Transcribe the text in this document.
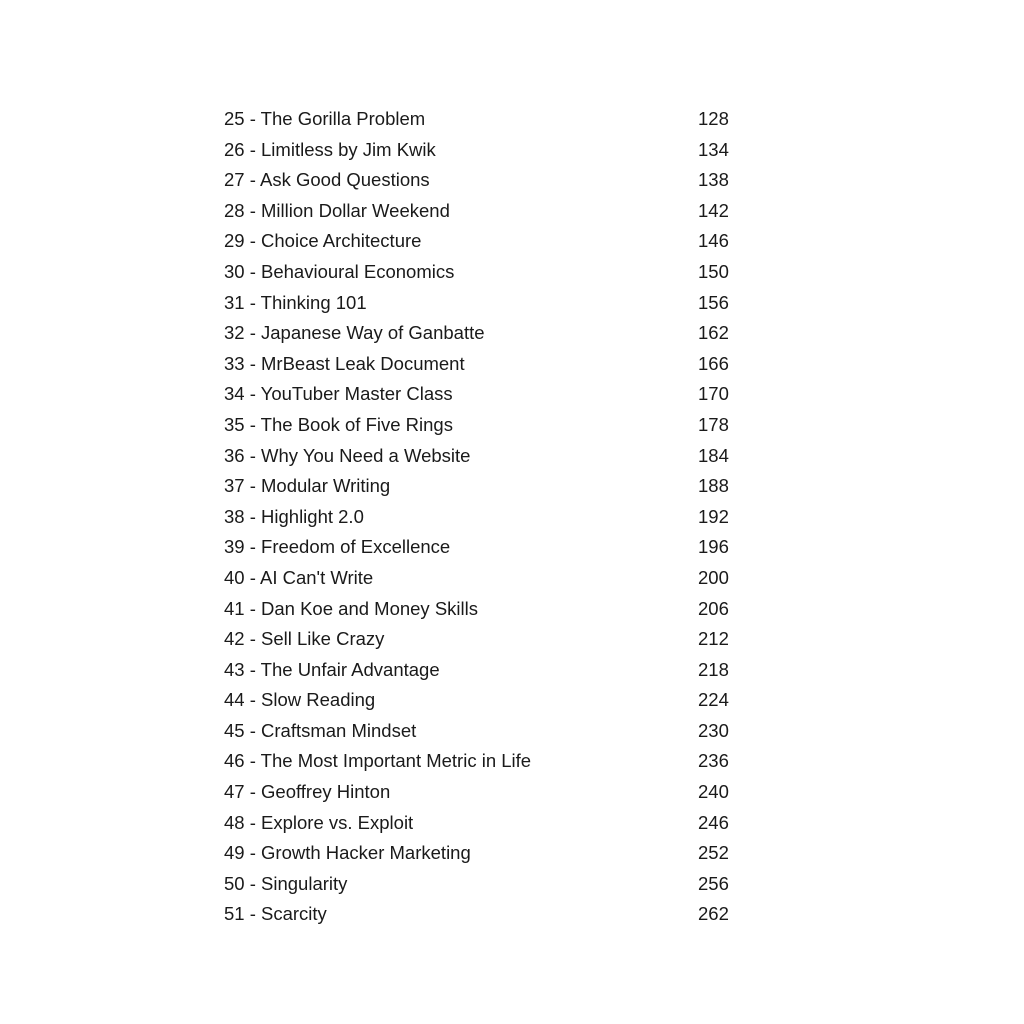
25 - The Gorilla Problem	128
26 - Limitless by Jim Kwik	134
27 - Ask Good Questions	138
28 - Million Dollar Weekend	142
29 - Choice Architecture	146
30 - Behavioural Economics	150
31 - Thinking 101	156
32 - Japanese Way of Ganbatte	162
33 - MrBeast Leak Document	166
34 - YouTuber Master Class	170
35 - The Book of Five Rings	178
36 - Why You Need a Website	184
37 - Modular Writing	188
38 - Highlight 2.0	192
39 - Freedom of Excellence	196
40 - AI Can't Write	200
41 - Dan Koe and Money Skills	206
42 - Sell Like Crazy	212
43 - The Unfair Advantage	218
44 - Slow Reading	224
45 - Craftsman Mindset	230
46 - The Most Important Metric in Life	236
47 - Geoffrey Hinton	240
48 - Explore vs. Exploit	246
49 - Growth Hacker Marketing	252
50 - Singularity	256
51 - Scarcity	262
